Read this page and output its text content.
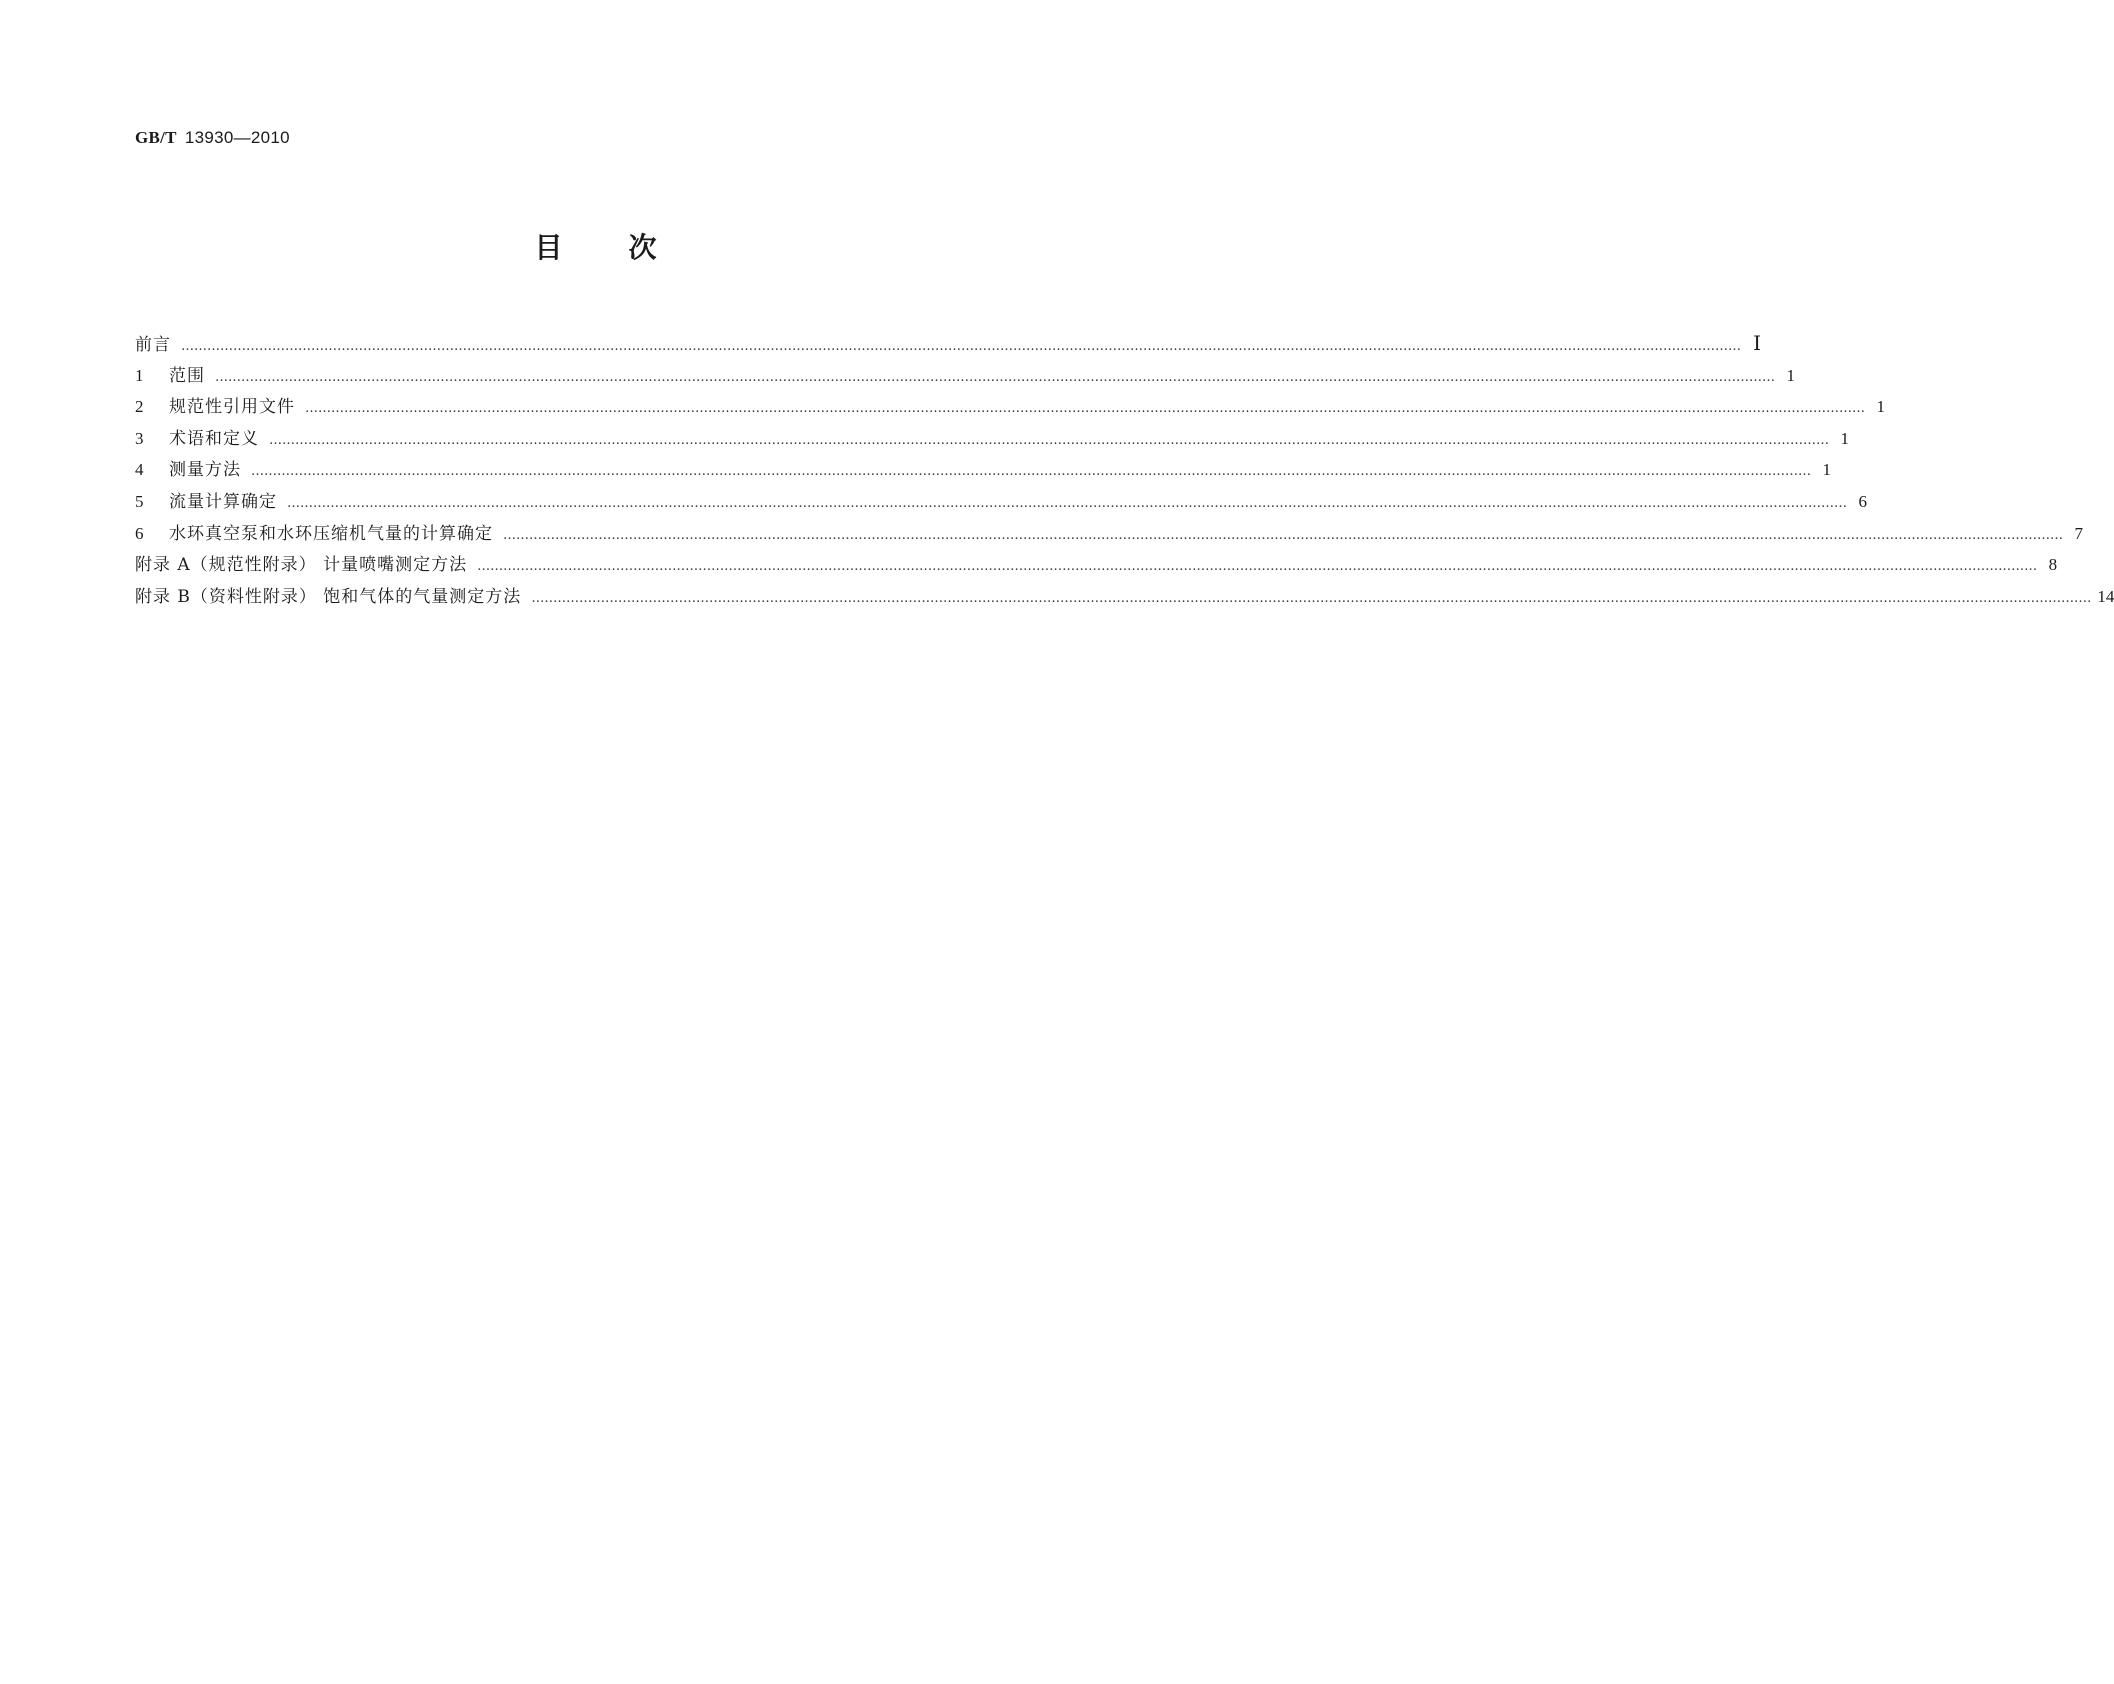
GB/T 13930—2010
目 次
前言 ……………………………………………………………………………………………………………………………………………………………………………………………………………………………………………………………………………………………………………………………… Ⅰ
1	范围 ……………………………………………………………………………………………………………………………………………………………………………………………………………………………………………………………………………………………………………………………… 1
2	规范性引用文件 ……………………………………………………………………………………………………………………………………………………………………………………………………………………………………………………………………………………………………………………………… 1
3	术语和定义 ……………………………………………………………………………………………………………………………………………………………………………………………………………………………………………………………………………………………………………………………… 1
4	测量方法 ……………………………………………………………………………………………………………………………………………………………………………………………………………………………………………………………………………………………………………………………… 1
5	流量计算确定 ……………………………………………………………………………………………………………………………………………………………………………………………………………………………………………………………………………………………………………………………… 6
6	水环真空泵和水环压缩机气量的计算确定 ……………………………………………………………………………………………………………………………………………………………………………………………………………………………………………………………………………………………………………………………… 7
附录 A（规范性附录） 计量喷嘴测定方法 ……………………………………………………………………………………………………………………………………………………………………………………………………………………………………………………………………………………………………………………………… 8
附录 B（资料性附录） 饱和气体的气量测定方法 ……………………………………………………………………………………………………………………………………………………………………………………………………………………………………………………………………………………………………………………………… 14
